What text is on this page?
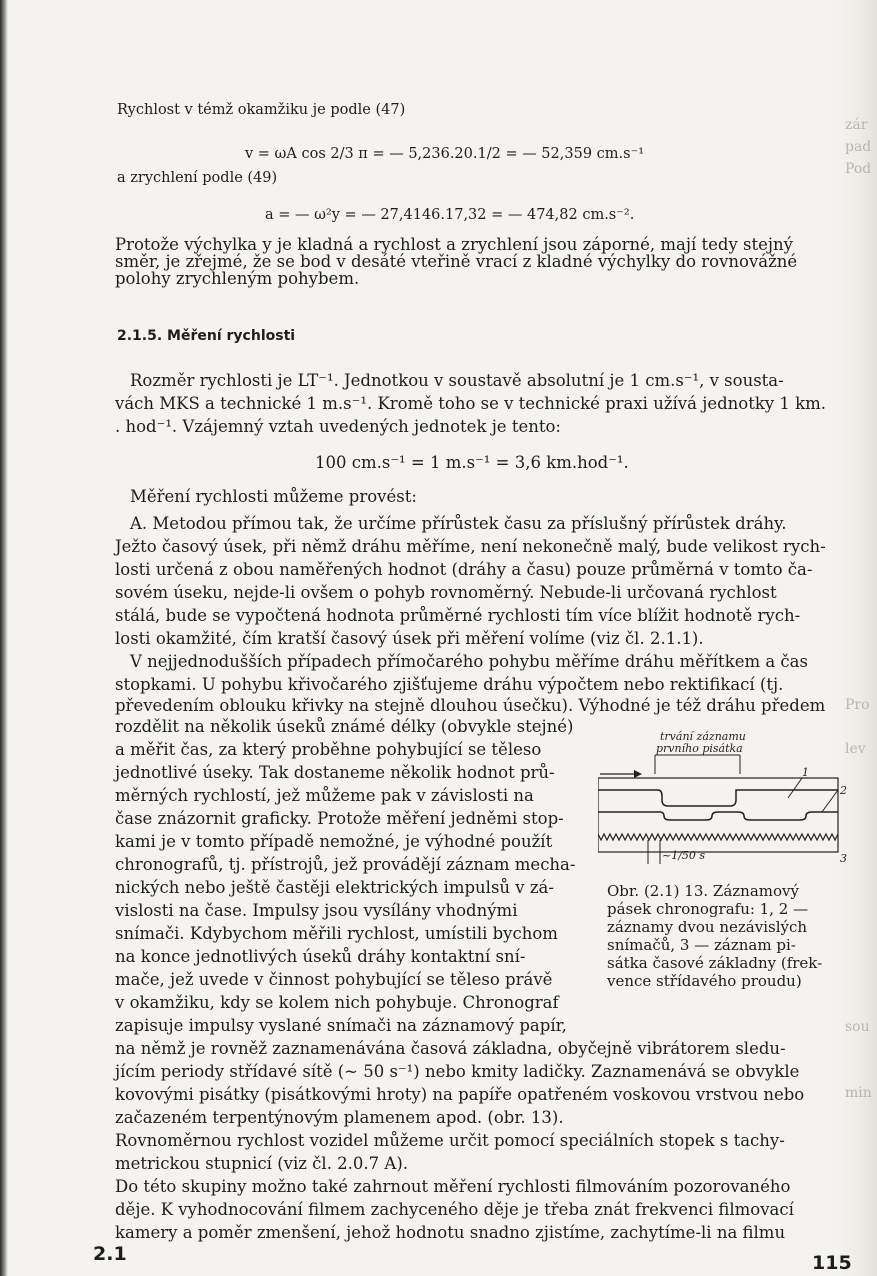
zár
pad
Pod
Pro
lev
sou
min
Rychlost v témž okamžiku je podle (47)
v = ωA cos 2/3 π = — 5,236.20.1/2 = — 52,359 cm.s⁻¹
a zrychlení podle (49)
a = — ω²y = — 27,4146.17,32 = — 474,82 cm.s⁻².
Protože výchylka y je kladná a rychlost a zrychlení jsou záporné, mají tedy stejný
směr, je zřejmé, že se bod v desáté vteřině vrací z kladné výchylky do rovnovážné
polohy zrychleným pohybem.
2.1.5. Měření rychlosti
Rozměr rychlosti je LT⁻¹. Jednotkou v soustavě absolutní je 1 cm.s⁻¹, v sousta-
vách MKS a technické 1 m.s⁻¹. Kromě toho se v technické praxi užívá jednotky 1 km.
. hod⁻¹. Vzájemný vztah uvedených jednotek je tento:
100 cm.s⁻¹ = 1 m.s⁻¹ = 3,6 km.hod⁻¹.
Měření rychlosti můžeme provést:
A. Metodou přímou tak, že určíme přírůstek času za příslušný přírůstek dráhy.
Ježto časový úsek, při němž dráhu měříme, není nekonečně malý, bude velikost rych-
losti určená z obou naměřených hodnot (dráhy a času) pouze průměrná v tomto ča-
sovém úseku, nejde-li ovšem o pohyb rovnoměrný. Nebude-li určovaná rychlost
stálá, bude se vypočtená hodnota průměrné rychlosti tím více blížit hodnotě rych-
losti okamžité, čím kratší časový úsek při měření volíme (viz čl. 2.1.1).
V nejjednodušších případech přímočarého pohybu měříme dráhu měřítkem a čas
stopkami. U pohybu křivočarého zjišťujeme dráhu výpočtem nebo rektifikací (tj.
převedením oblouku křivky na stejně dlouhou úsečku). Výhodné je též dráhu předem
rozdělit na několik úseků známé délky (obvykle stejné)
a měřit čas, za který proběhne pohybující se těleso
jednotlivé úseky. Tak dostaneme několik hodnot prů-
měrných rychlostí, jež můžeme pak v závislosti na
čase znázornit graficky. Protože měření jedněmi stop-
kami je v tomto případě nemožné, je výhodné použít
chronografů, tj. přístrojů, jež provádějí záznam mecha-
nických nebo ještě častěji elektrických impulsů v zá-
vislosti na čase. Impulsy jsou vysílány vhodnými
snímači. Kdybychom měřili rychlost, umístili bychom
na konce jednotlivých úseků dráhy kontaktní sní-
mače, jež uvede v činnost pohybující se těleso právě
v okamžiku, kdy se kolem nich pohybuje. Chronograf
zapisuje impulsy vyslané snímači na záznamový papír,
na němž je rovněž zaznamenávána časová základna, obyčejně vibrátorem sledu-
jícím periody střídavé sítě (~ 50 s⁻¹) nebo kmity ladičky. Zaznamenává se obvykle
kovovými pisátky (pisátkovými hroty) na papíře opatřeném voskovou vrstvou nebo
začazeném terpentýnovým plamenem apod. (obr. 13).
Rovnoměrnou rychlost vozidel můžeme určit pomocí speciálních stopek s tachy-
metrickou stupnicí (viz čl. 2.0.7 A).
Do této skupiny možno také zahrnout měření rychlosti filmováním pozorovaného
děje. K vyhodnocování filmem zachyceného děje je třeba znát frekvenci filmovací
kamery a poměr zmenšení, jehož hodnotu snadno zjistíme, zachytíme-li na filmu
trvání záznamu
prvního pisátka
1
2
3
~1/50 s
Obr. (2.1) 13. Záznamový
pásek chronografu: 1, 2 —
záznamy dvou nezávislých
snímačů, 3 — záznam pi-
sátka časové základny (frek-
vence střídavého proudu)
2.1	115
